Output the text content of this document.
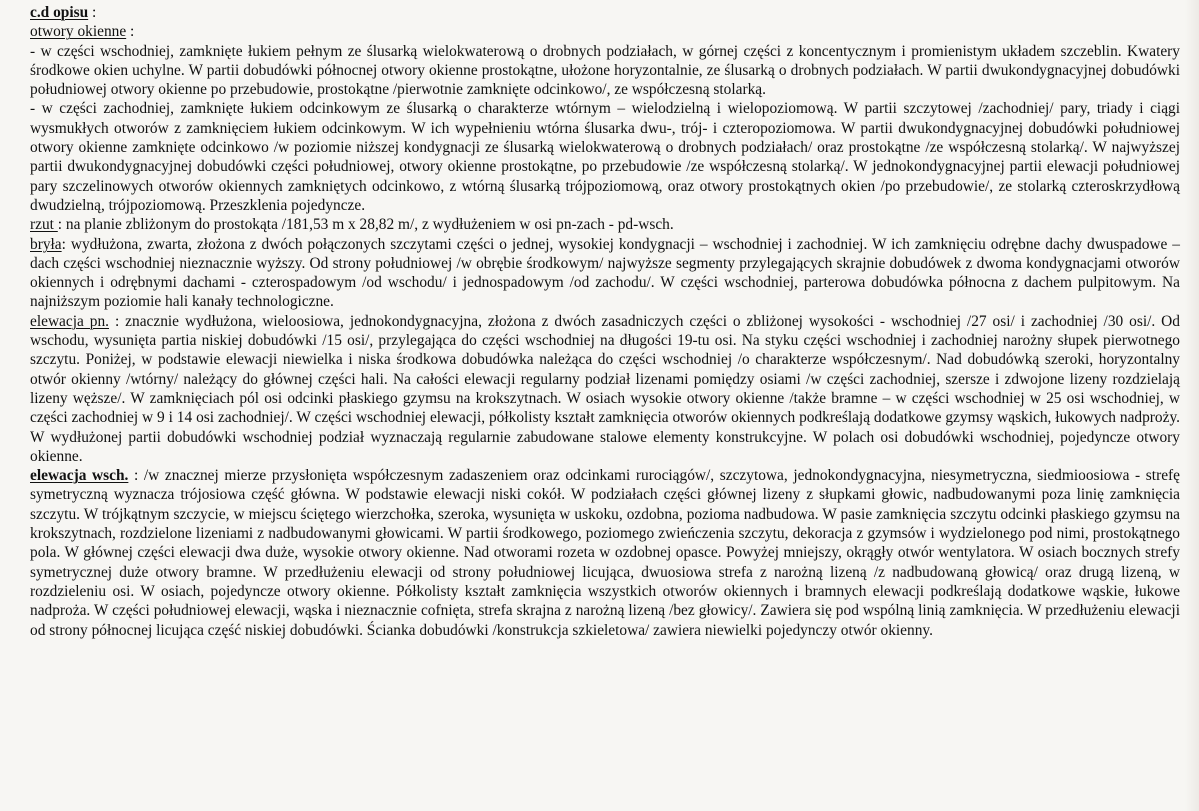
c.d opisu :

otwory okienne :

- w części wschodniej, zamknięte łukiem pełnym ze ślusarką wielokwaterową o drobnych podziałach, w górnej części z koncentycznym i promienistym układem szczeblin. Kwatery środkowe okien uchylne. W partii dobudówki północnej otwory okienne prostokątne, ułożone horyzontalnie, ze ślusarką o drobnych podziałach. W partii dwukondygnacyjnej dobudówki południowej otwory okienne po przebudowie, prostokątne /pierwotnie zamknięte odcinkowo/, ze współczesną stolarką.

- w części zachodniej, zamknięte łukiem odcinkowym ze ślusarką o charakterze wtórnym – wielodzielną i wielopoziomową. W partii szczytowej /zachodniej/ pary, triady i ciągi wysmukłych otworów z zamknięciem łukiem odcinkowym. W ich wypełnieniu wtórna ślusarka dwu-, trój- i czteropoziomowa. W partii dwukondygnacyjnej dobudówki południowej otwory okienne zamknięte odcinkowo /w poziomie niższej kondygnacji ze ślusarką wielokwaterową o drobnych podziałach/ oraz prostokątne /ze współczesną stolarką/. W najwyższej partii dwukondygnacyjnej dobudówki części południowej, otwory okienne prostokątne, po przebudowie /ze współczesną stolarką/. W jednokondygnacyjnej partii elewacji południowej pary szczelinowych otworów okiennych zamkniętych odcinkowo, z wtórną ślusarką trójpoziomową, oraz otwory prostokątnych okien /po przebudowie/, ze stolarką czteroskrzydłową dwudzielną, trójpoziomową. Przeszklenia pojedyncze.

rzut : na planie zbliżonym do prostokąta /181,53 m x 28,82 m/, z wydłużeniem w osi pn-zach - pd-wsch.

bryła: wydłużona, zwarta, złożona z dwóch połączonych szczytami części o jednej, wysokiej kondygnacji – wschodniej i zachodniej. W ich zamknięciu odrębne dachy dwuspadowe – dach części wschodniej nieznacznie wyższy. Od strony południowej /w obrębie środkowym/ najwyższe segmenty przylegających skrajnie dobudówek z dwoma kondygnacjami otworów okiennych i odrębnymi dachami - czterospadowym /od wschodu/ i jednospadowym /od zachodu/. W części wschodniej, parterowa dobudówka północna z dachem pulpitowym. Na najniższym poziomie hali kanały technologiczne.

elewacja pn. : znacznie wydłużona, wieloosiowa, jednokondygnacyjna, złożona z dwóch zasadniczych części o zbliżonej wysokości - wschodniej /27 osi/ i zachodniej /30 osi/. Od wschodu, wysunięta partia niskiej dobudówki /15 osi/, przylegająca do części wschodniej na długości 19-tu osi. Na styku części wschodniej i zachodniej narożny słupek pierwotnego szczytu. Poniżej, w podstawie elewacji niewielka i niska środkowa dobudówka należąca do części wschodniej /o charakterze współczesnym/. Nad dobudówką szeroki, horyzontalny otwór okienny /wtórny/ należący do głównej części hali. Na całości elewacji regularny podział lizenami pomiędzy osiami /w części zachodniej, szersze i zdwojone lizeny rozdzielają lizeny węższe/. W zamknięciach pól osi odcinki płaskiego gzymsu na krokszytnach. W osiach wysokie otwory okienne /także bramne – w części wschodniej w 25 osi wschodniej, w części zachodniej w 9 i 14 osi zachodniej/. W części wschodniej elewacji, półkolisty kształt zamknięcia otworów okiennych podkreślają dodatkowe gzymsy wąskich, łukowych nadproży. W wydłużonej partii dobudówki wschodniej podział wyznaczają regularnie zabudowane stalowe elementy konstrukcyjne. W polach osi dobudówki wschodniej, pojedyncze otwory okienne.

elewacja wsch. : /w znacznej mierze przysłonięta współczesnym zadaszeniem oraz odcinkami rurociągów/, szczytowa, jednokondygnacyjna, niesymetryczna, siedmioosiowa - strefę symetryczną wyznacza trójosiowa część główna. W podstawie elewacji niski cokół. W podziałach części głównej lizeny z słupkami głowic, nadbudowanymi poza linię zamknięcia szczytu. W trójkątnym szczycie, w miejscu ściętego wierzchołka, szeroka, wysunięta w uskoku, ozdobna, pozioma nadbudowa. W pasie zamknięcia szczytu odcinki płaskiego gzymsu na krokszytnach, rozdzielone lizeniami z nadbudowanymi głowicami. W partii środkowego, poziomego zwieńczenia szczytu, dekoracja z gzymsów i wydzielonego pod nimi, prostokątnego pola. W głównej części elewacji dwa duże, wysokie otwory okienne. Nad otworami rozeta w ozdobnej opasce. Powyżej mniejszy, okrągły otwór wentylatora. W osiach bocznych strefy symetrycznej duże otwory bramne. W przedłużeniu elewacji od strony południowej licująca, dwuosiowa strefa z narożną lizeną /z nadbudowaną głowicą/ oraz drugą lizeną, w rozdzieleniu osi. W osiach, pojedyncze otwory okienne. Półkolisty kształt zamknięcia wszystkich otworów okiennych i bramnych elewacji podkreślają dodatkowe wąskie, łukowe nadproża. W części południowej elewacji, wąska i nieznacznie cofnięta, strefa skrajna z narożną lizeną /bez głowicy/. Zawiera się pod wspólną linią zamknięcia. W przedłużeniu elewacji od strony północnej licująca część niskiej dobudówki. Ścianka dobudówki /konstrukcja szkieletowa/ zawiera niewielki pojedynczy otwór okienny.
